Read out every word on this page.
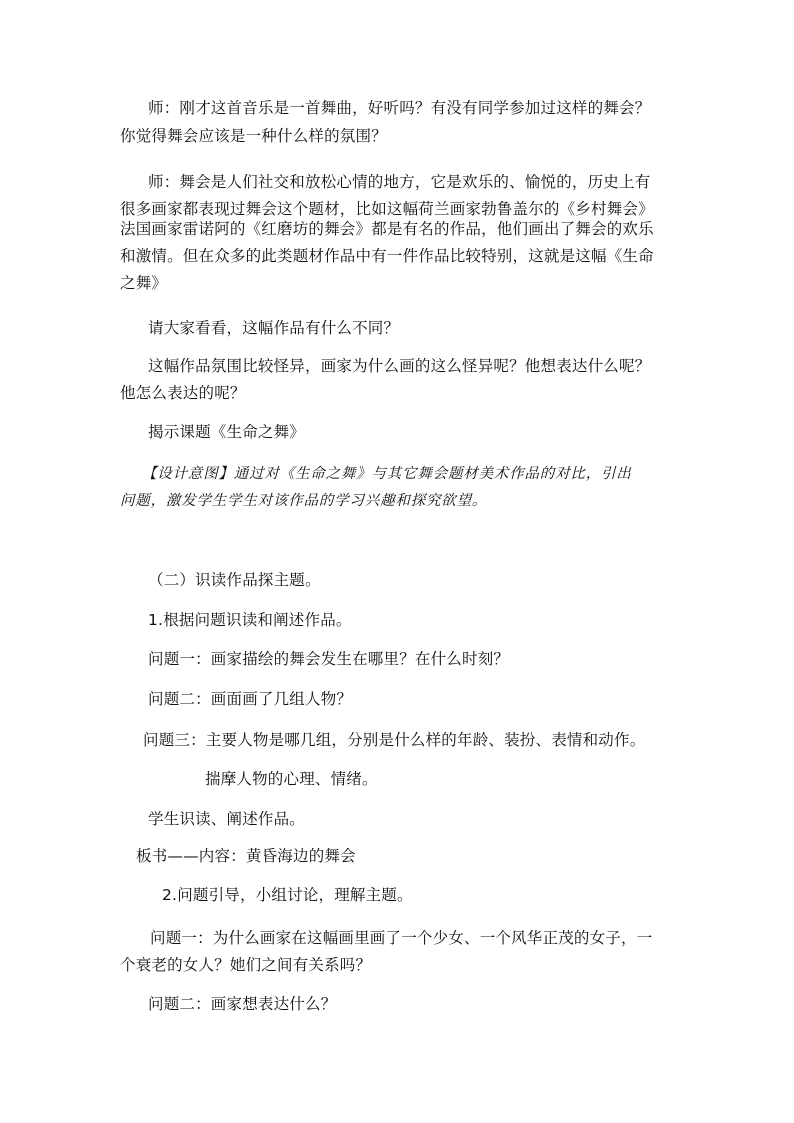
师：刚才这首音乐是一首舞曲，好听吗？有没有同学参加过这样的舞会？
你觉得舞会应该是一种什么样的氛围？
师：舞会是人们社交和放松心情的地方，它是欢乐的、愉悦的，历史上有
很多画家都表现过舞会这个题材，比如这幅荷兰画家勃鲁盖尔的《乡村舞会》
法国画家雷诺阿的《红磨坊的舞会》都是有名的作品，他们画出了舞会的欢乐
和激情。但在众多的此类题材作品中有一件作品比较特别，这就是这幅《生命
之舞》
请大家看看，这幅作品有什么不同？
这幅作品氛围比较怪异，画家为什么画的这么怪异呢？他想表达什么呢？
他怎么表达的呢？
揭示课题《生命之舞》
【设计意图】通过对《生命之舞》与其它舞会题材美术作品的对比，引出
问题，激发学生学生对该作品的学习兴趣和探究欲望。
（二）识读作品探主题。
1.根据问题识读和阐述作品。
问题一：画家描绘的舞会发生在哪里？在什么时刻？
问题二：画面画了几组人物？
问题三：主要人物是哪几组，分别是什么样的年龄、装扮、表情和动作。
揣摩人物的心理、情绪。
学生识读、阐述作品。
板书——内容：黄昏海边的舞会
2.问题引导，小组讨论，理解主题。
问题一：为什么画家在这幅画里画了一个少女、一个风华正茂的女子，一
个衰老的女人？她们之间有关系吗？
问题二：画家想表达什么？
